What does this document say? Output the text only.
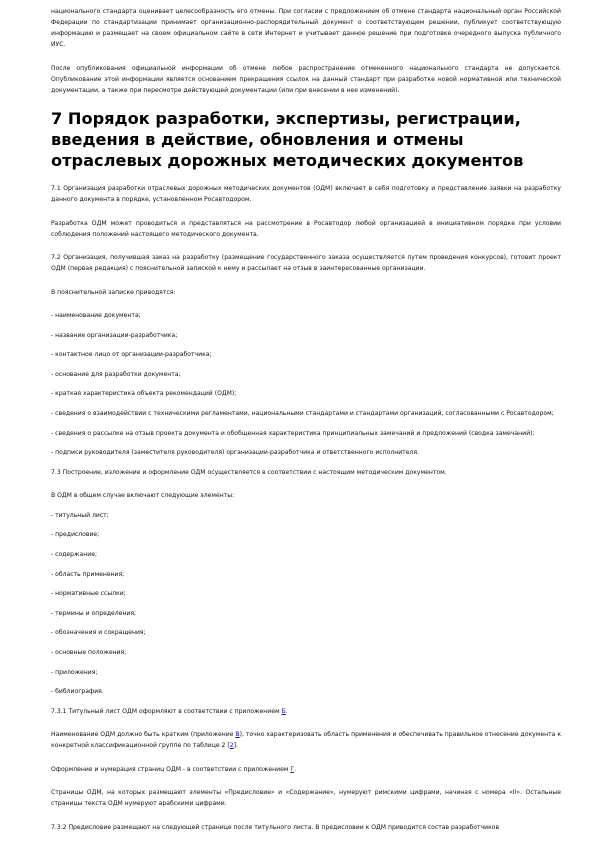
национального стандарта оценивает целесообразность его отмены. При согласии с предложением об отмене стандарта национальный орган Российской Федерации по стандартизации принимает организационно-распорядительный документ о соответствующем решении, публикует соответствующую информацию и размещает на своем официальном сайте в сети Интернет и учитывает данное решение при подготовке очередного выпуска публичного ИУС.

После опубликования официальной информации об отмене любое распространение отмененного национального стандарта не допускается. Опубликование этой информации является основанием прекращения ссылок на данный стандарт при разработке новой нормативной или технической документации, а также при пересмотре действующей документации (или при внесении в нее изменений).

7 Порядок разработки, экспертизы, регистрации, введения в действие, обновления и отмены отраслевых дорожных методических документов

7.1 Организация разработки отраслевых дорожных методических документов (ОДМ) включает в себя подготовку и представление заявки на разработку данного документа в порядке, установленном Росавтодором.

Разработка ОДМ может проводиться и представляться на рассмотрение в Росавтодор любой организацией в инициативном порядке при условии соблюдения положений настоящего методического документа.

7.2 Организация, получившая заказ на разработку (размещение государственного заказа осуществляется путем проведения конкурсов), готовит проект ОДМ (первая редакция) с пояснительной запиской к нему и рассылает на отзыв в заинтересованные организации.

В пояснительной записке приводятся:

- наименование документа;

- название организации-разработчика;

- контактное лицо от организации-разработчика;

- основание для разработки документа;

- краткая характеристика объекта рекомендаций (ОДМ);

- сведения о взаимодействии с техническими регламентами, национальными стандартами и стандартами организаций, согласованными с Росавтодором;

- сведения о рассылке на отзыв проекта документа и обобщенная характеристика принципиальных замечаний и предложений (сводка замечаний);

- подписи руководителя (заместителя руководителя) организации-разработчика и ответственного исполнителя.

7.3 Построение, изложение и оформление ОДМ осуществляется в соответствии с настоящим методическим документом.

В ОДМ в общем случае включают следующие элементы:

- титульный лист;

- предисловие;

- содержание;

- область применения;

- нормативные ссылки;

- термины и определения;

- обозначения и сокращения;

- основные положения;

- приложения;

- библиография.

7.3.1 Титульный лист ОДМ оформляют в соответствии с приложением Б.

Наименование ОДМ должно быть кратким (приложение В), точно характеризовать область применения и обеспечивать правильное отнесение документа к конкретной классификационной группе по таблице 2 [2].

Оформление и нумерация страниц ОДМ - в соответствии с приложением Г.

Страницы ОДМ, на которых размещают элементы «Предисловие» и «Содержание», нумеруют римскими цифрами, начиная с номера «II». Остальные страницы текста ОДМ нумеруют арабскими цифрами.

7.3.2 Предисловие размещают на следующей странице после титульного листа. В предисловии к ОДМ приводится состав разработчиков
